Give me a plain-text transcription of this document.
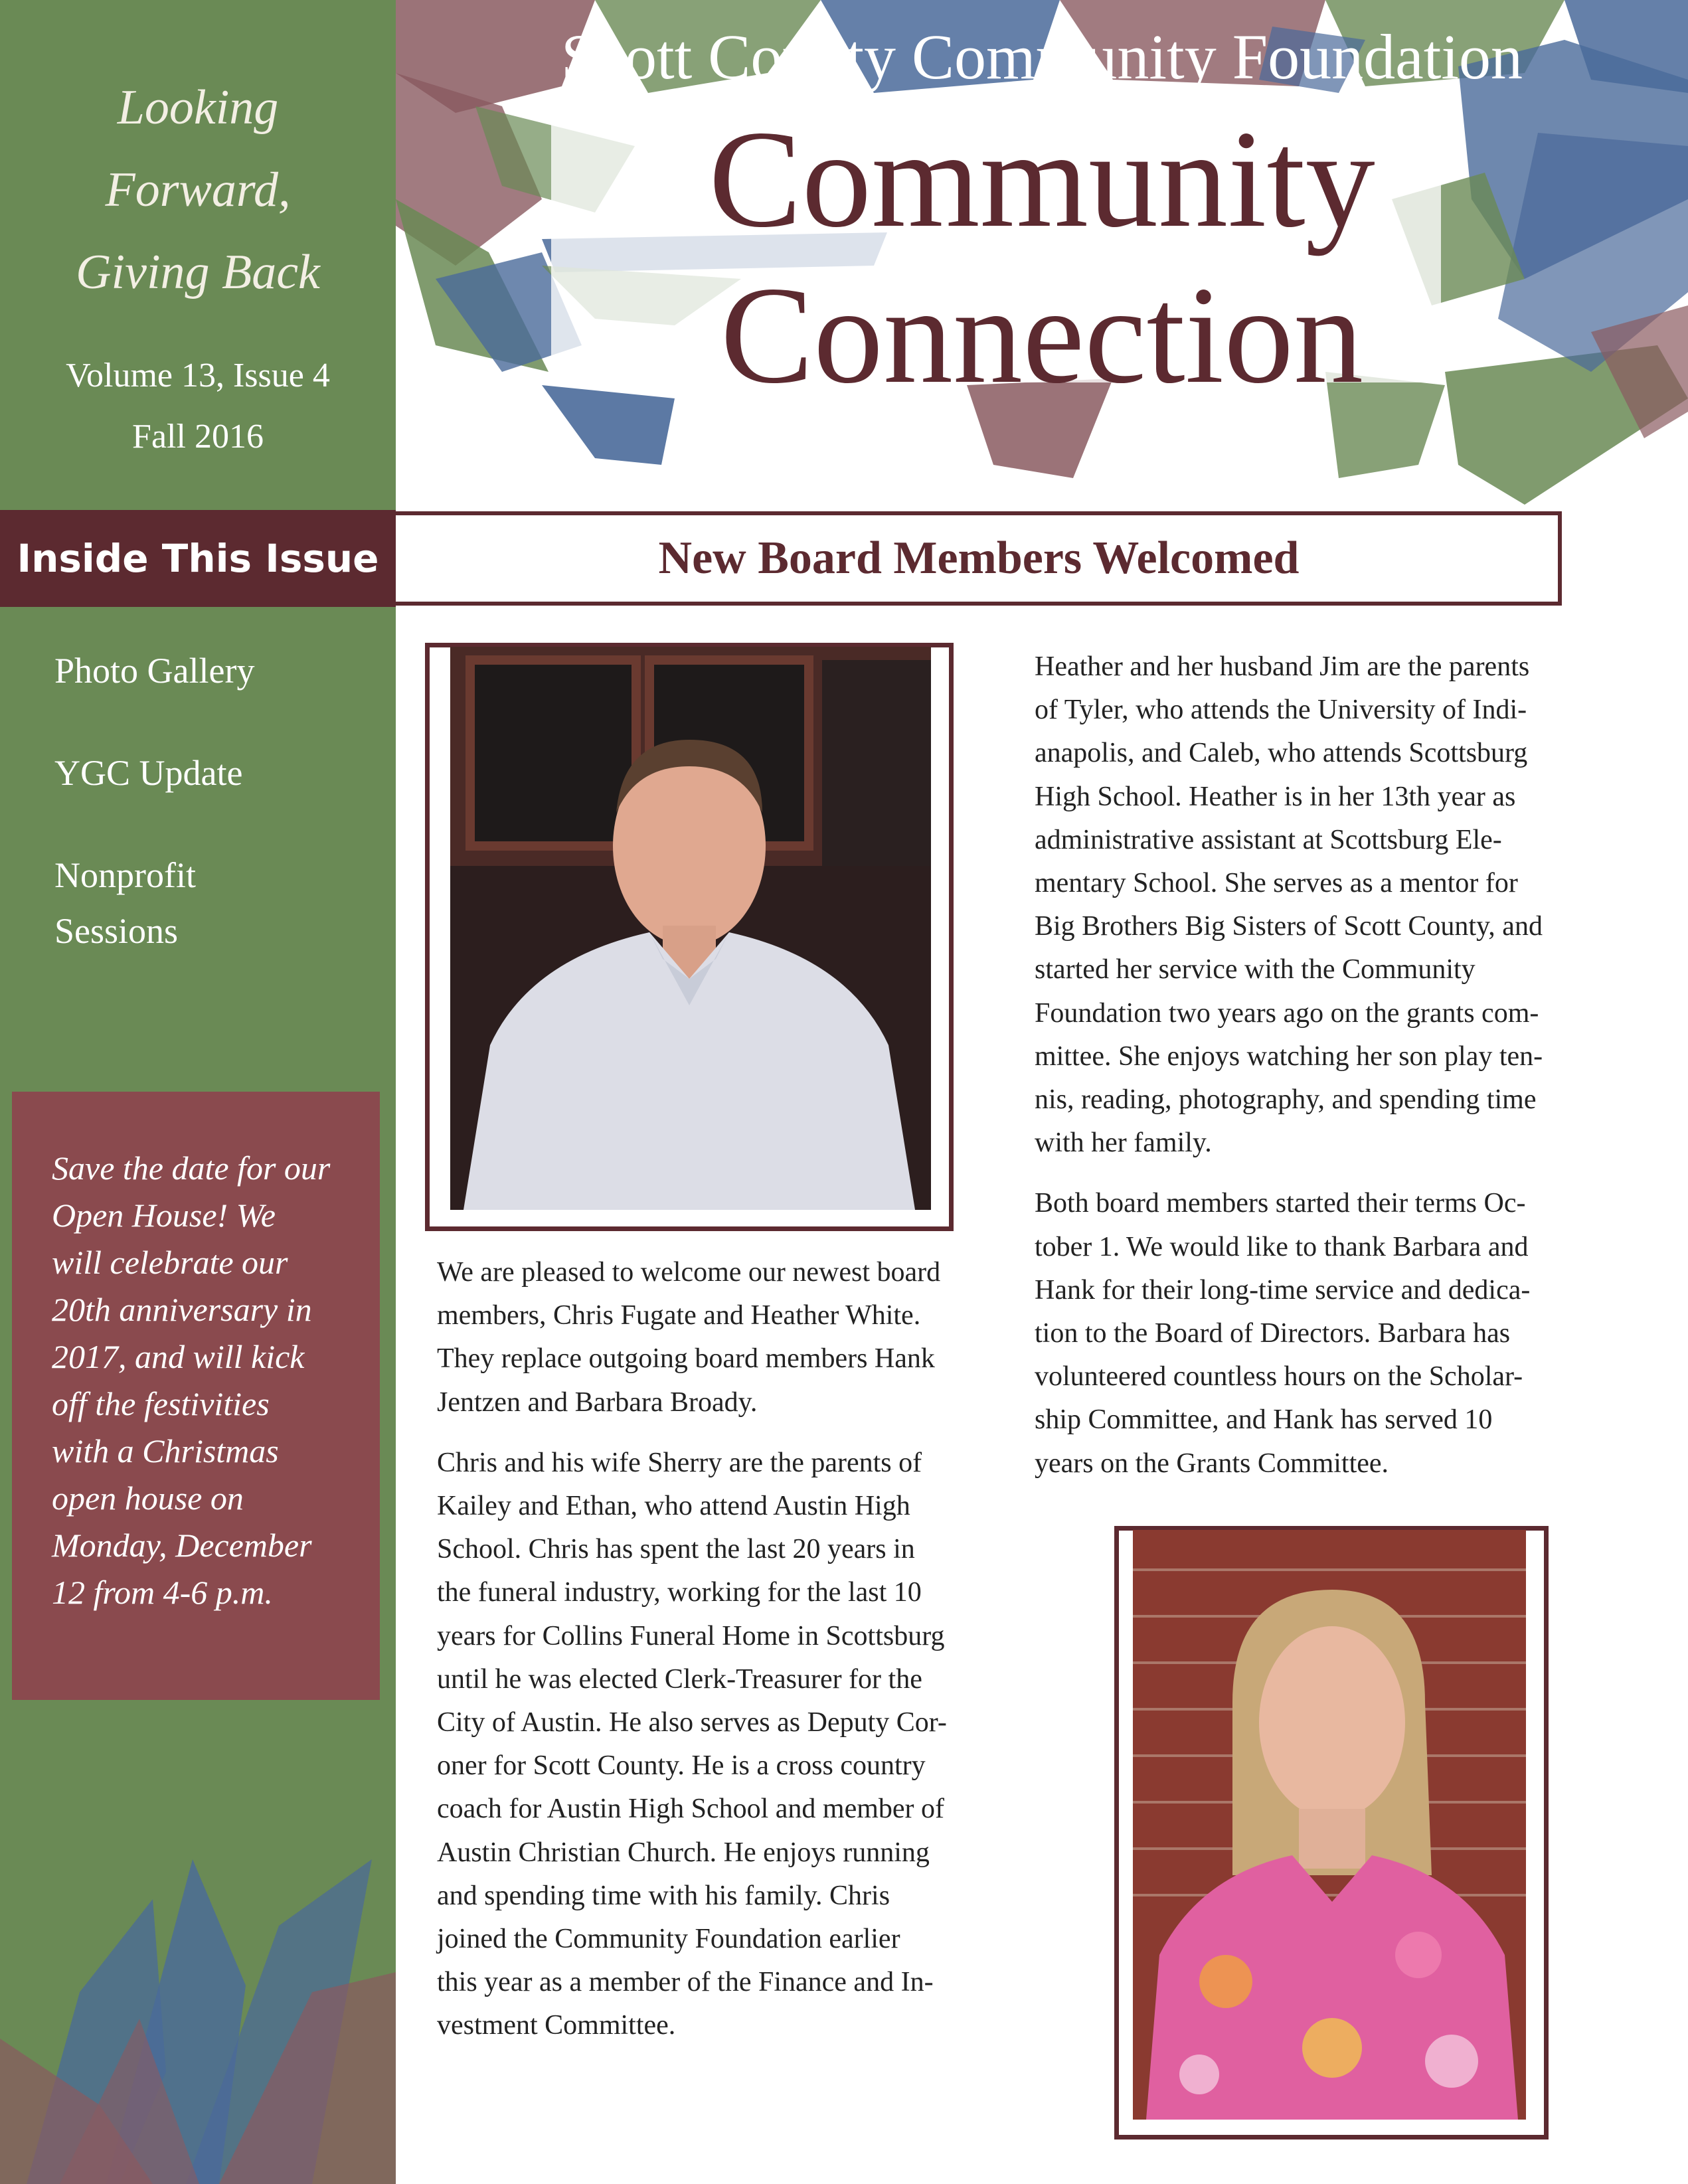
Looking
Forward,
Giving Back
Volume 13, Issue 4
Fall 2016
Inside This Issue
Photo Gallery
YGC Update
Nonprofit
Sessions
Save the date for our
Open House! We
will celebrate our
20th anniversary in
2017, and will kick
off the festivities
with a Christmas
open house on
Monday, December
12 from 4-6 p.m.
Scott County Community Foundation
Community
Connection
New Board Members Welcomed

We are pleased to welcome our newest board
members, Chris Fugate and Heather White.
They replace outgoing board members Hank
Jentzen and Barbara Broady.

Chris and his wife Sherry are the parents of
Kailey and Ethan, who attend Austin High
School. Chris has spent the last 20 years in
the funeral industry, working for the last 10
years for Collins Funeral Home in Scottsburg
until he was elected Clerk-Treasurer for the
City of Austin. He also serves as Deputy Cor-
oner for Scott County. He is a cross country
coach for Austin High School and member of
Austin Christian Church. He enjoys running
and spending time with his family. Chris
joined the Community Foundation earlier
this year as a member of the Finance and In-
vestment Committee.

Heather and her husband Jim are the parents
of Tyler, who attends the University of Indi-
anapolis, and Caleb, who attends Scottsburg
High School. Heather is in her 13th year as
administrative assistant at Scottsburg Ele-
mentary School. She serves as a mentor for
Big Brothers Big Sisters of Scott County, and
started her service with the Community
Foundation two years ago on the grants com-
mittee. She enjoys watching her son play ten-
nis, reading, photography, and spending time
with her family.

Both board members started their terms Oc-
tober 1. We would like to thank Barbara and
Hank for their long-time service and dedica-
tion to the Board of Directors. Barbara has
volunteered countless hours on the Scholar-
ship Committee, and Hank has served 10
years on the Grants Committee.
